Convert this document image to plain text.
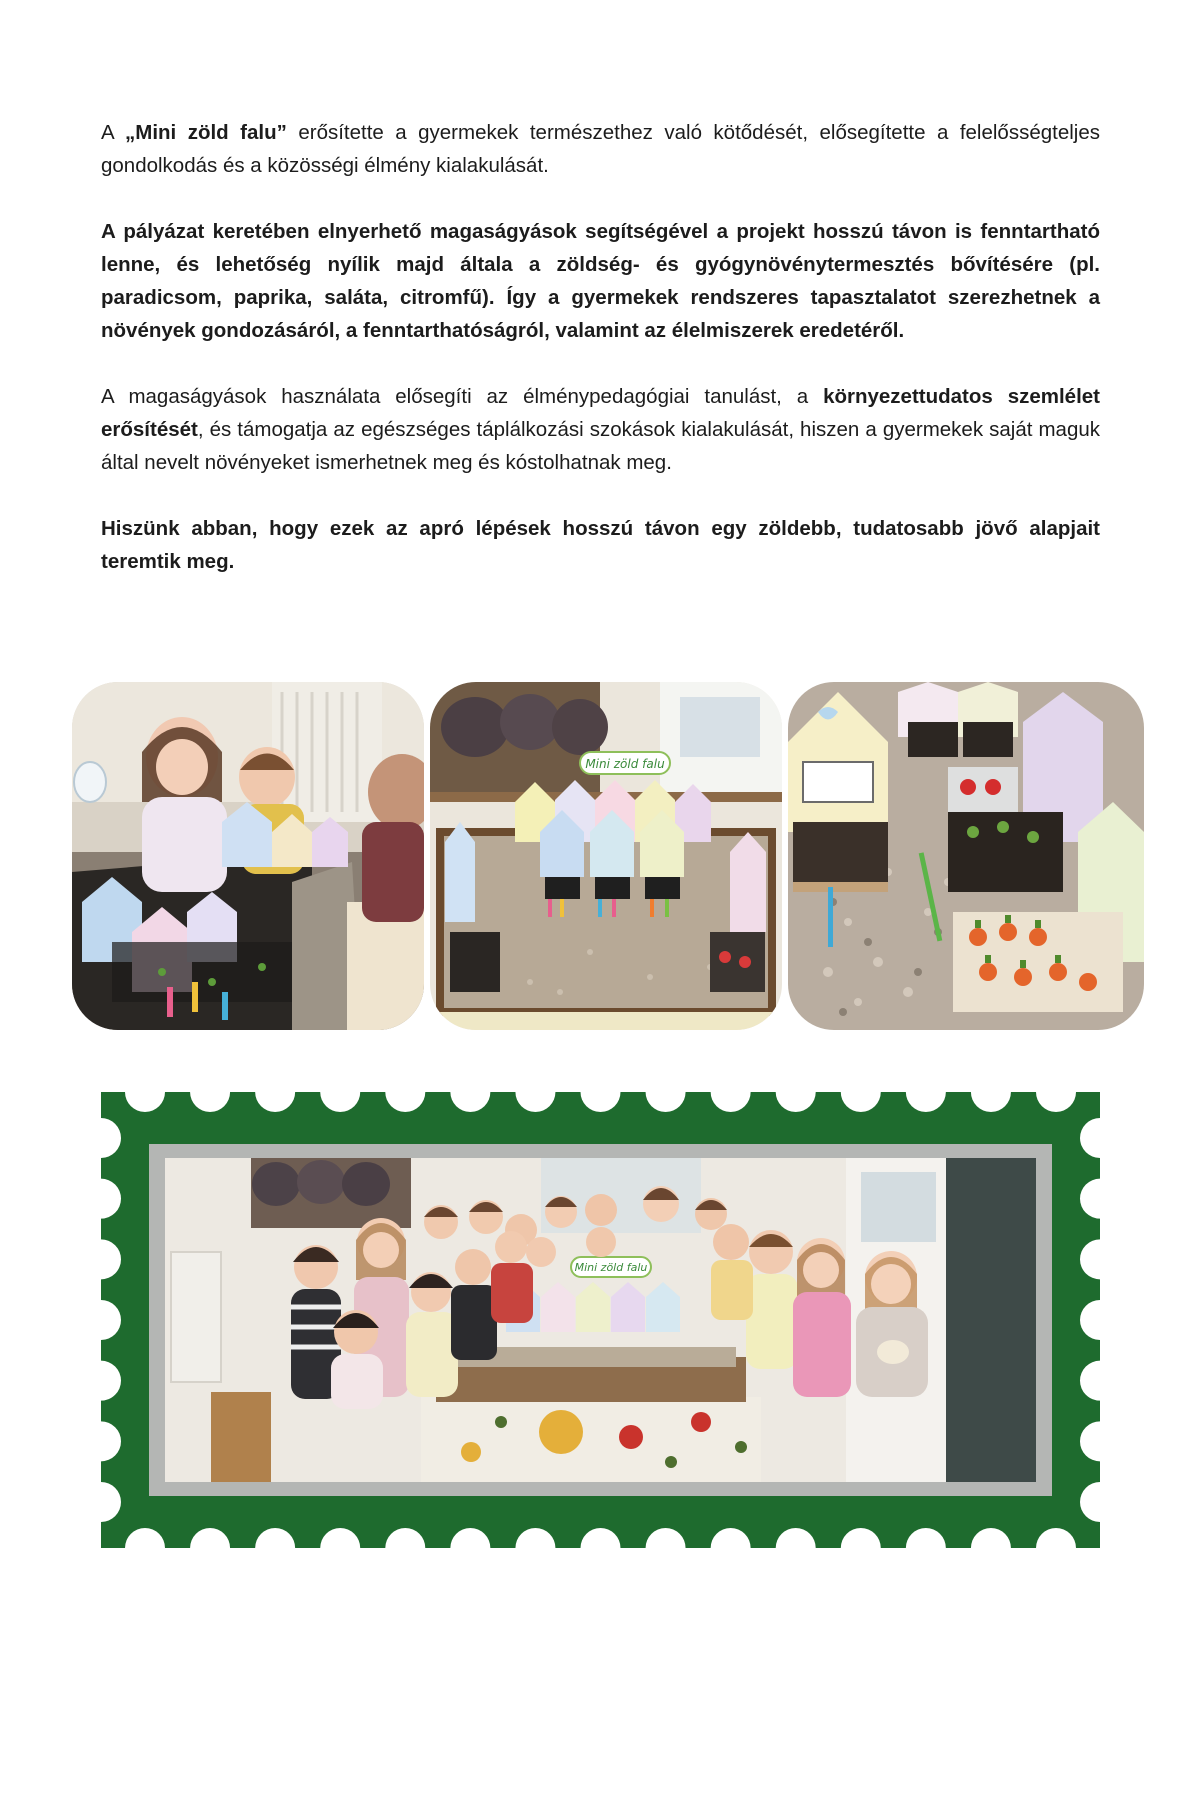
A „Mini zöld falu” erősítette a gyermekek természethez való kötődését, elősegítette a felelősségteljes gondolkodás és a közösségi élmény kialakulását.

A pályázat keretében elnyerhető magaságyások segítségével a projekt hosszú távon is fenntartható lenne, és lehetőség nyílik majd általa a zöldség- és gyógynövénytermesztés bővítésére (pl. paradicsom, paprika, saláta, citromfű). Így a gyermekek rendszeres tapasztalatot szerezhetnek a növények gondozásáról, a fenntarthatóságról, valamint az élelmiszerek eredetéről.

A magaságyások használata elősegíti az élménypedagógiai tanulást, a környezettudatos szemlélet erősítését, és támogatja az egészséges táplálkozási szokások kialakulását, hiszen a gyermekek saját maguk által nevelt növényeket ismerhetnek meg és kóstolhatnak meg.

Hiszünk abban, hogy ezek az apró lépések hosszú távon egy zöldebb, tudatosabb jövő alapjait teremtik meg.

Mini zöld falu
Mini zöld falu
